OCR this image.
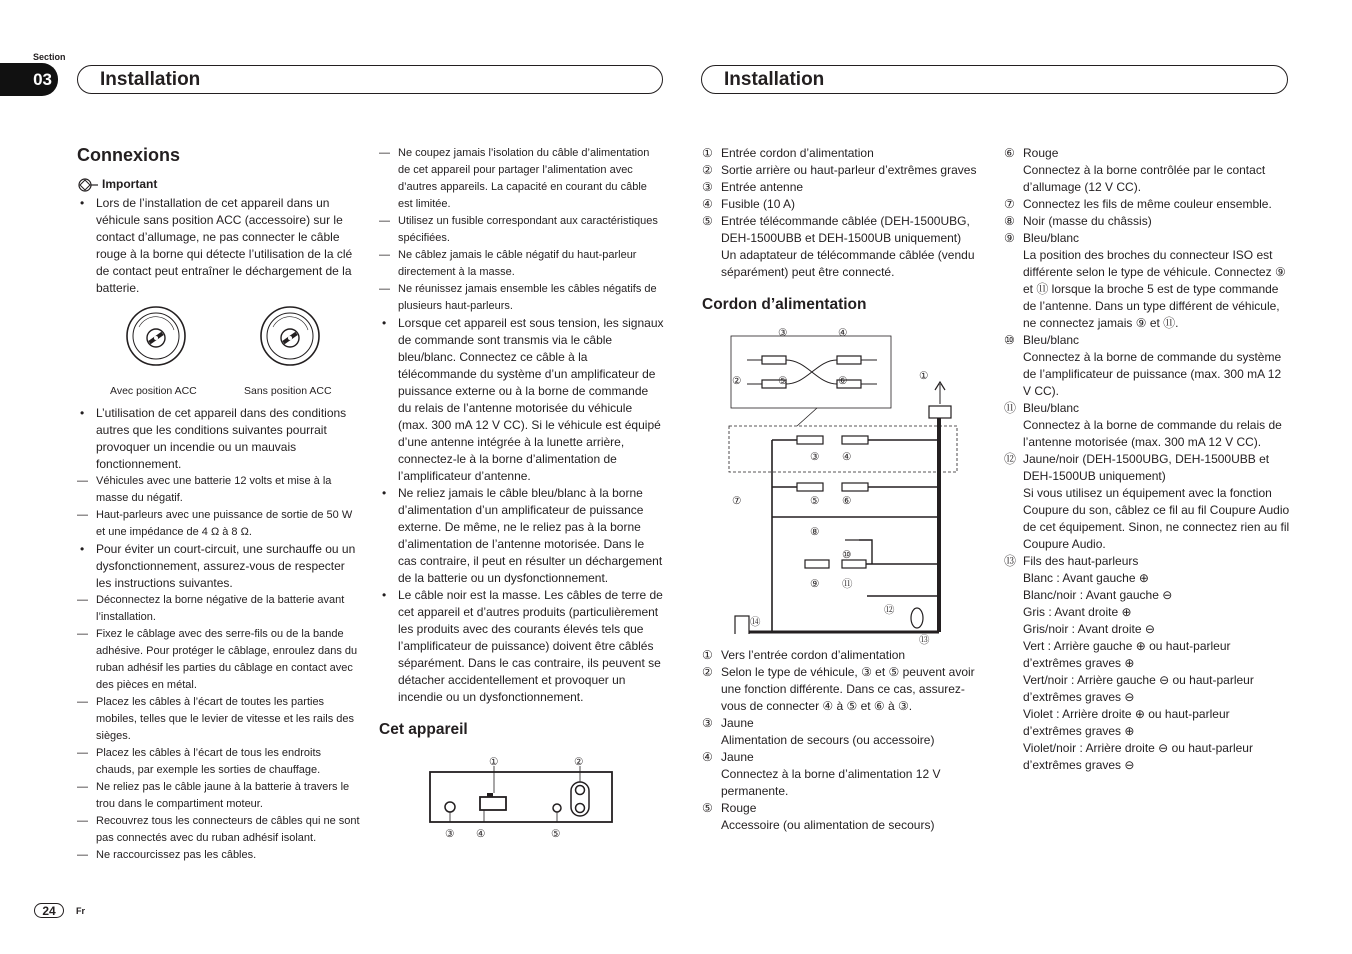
Section
03	Installation	Installation
Connexions
Important
• Lors de l’installation de cet appareil dans un véhicule sans position ACC (accessoire) sur le contact d’allumage, ne pas connecter le câble rouge à la borne qui détecte l’utilisation de la clé de contact peut entraîner le déchargement de la batterie.
Avec position ACC	Sans position ACC
• L’utilisation de cet appareil dans des conditions autres que les conditions suivantes pourrait provoquer un incendie ou un mauvais fonctionnement.
— Véhicules avec une batterie 12 volts et mise à la masse du négatif.
— Haut-parleurs avec une puissance de sortie de 50 W et une impédance de 4 Ω à 8 Ω.
• Pour éviter un court-circuit, une surchauffe ou un dysfonctionnement, assurez-vous de respecter les instructions suivantes.
— Déconnectez la borne négative de la batterie avant l’installation.
— Fixez le câblage avec des serre-fils ou de la bande adhésive. Pour protéger le câblage, enroulez dans du ruban adhésif les parties du câblage en contact avec des pièces en métal.
— Placez les câbles à l’écart de toutes les parties mobiles, telles que le levier de vitesse et les rails des sièges.
— Placez les câbles à l’écart de tous les endroits chauds, par exemple les sorties de chauffage.
— Ne reliez pas le câble jaune à la batterie à travers le trou dans le compartiment moteur.
— Recouvrez tous les connecteurs de câbles qui ne sont pas connectés avec du ruban adhésif isolant.
— Ne raccourcissez pas les câbles.
— Ne coupez jamais l’isolation du câble d’alimentation de cet appareil pour partager l’alimentation avec d’autres appareils. La capacité en courant du câble est limitée.
— Utilisez un fusible correspondant aux caractéristiques spécifiées.
— Ne câblez jamais le câble négatif du haut-parleur directement à la masse.
— Ne réunissez jamais ensemble les câbles négatifs de plusieurs haut-parleurs.
• Lorsque cet appareil est sous tension, les signaux de commande sont transmis via le câble bleu/blanc. Connectez ce câble à la télécommande du système d’un amplificateur de puissance externe ou à la borne de commande du relais de l’antenne motorisée du véhicule (max. 300 mA 12 V CC). Si le véhicule est équipé d’une antenne intégrée à la lunette arrière, connectez-le à la borne d’alimentation de l’amplificateur d’antenne.
• Ne reliez jamais le câble bleu/blanc à la borne d’alimentation d’un amplificateur de puissance externe. De même, ne le reliez pas à la borne d’alimentation de l’antenne motorisée. Dans le cas contraire, il peut en résulter un déchargement de la batterie ou un dysfonctionnement.
• Le câble noir est la masse. Les câbles de terre de cet appareil et d’autres produits (particulièrement les produits avec des courants élevés tels que l’amplificateur de puissance) doivent être câblés séparément. Dans le cas contraire, ils peuvent se détacher accidentellement et provoquer un incendie ou un dysfonctionnement.
Cet appareil
①	②
③ ④	⑤
① Entrée cordon d’alimentation
② Sortie arrière ou haut-parleur d’extrêmes graves
③ Entrée antenne
④ Fusible (10 A)
⑤ Entrée télécommande câblée (DEH-1500UBG, DEH-1500UBB et DEH-1500UB uniquement)
Un adaptateur de télécommande câblée (vendu séparément) peut être connecté.
Cordon d’alimentation
③	④
②	⑤	⑥	①
③ ④
⑦	⑤ ⑥
⑧
⑩
⑨ ⑪
⑫
⑭
⑬
① Vers l’entrée cordon d’alimentation
② Selon le type de véhicule, ③ et ⑤ peuvent avoir une fonction différente. Dans ce cas, assurez-vous de connecter ④ à ⑤ et ⑥ à ③.
③ Jaune
Alimentation de secours (ou accessoire)
④ Jaune
Connectez à la borne d’alimentation 12 V permanente.
⑤ Rouge
Accessoire (ou alimentation de secours)
⑥ Rouge
Connectez à la borne contrôlée par le contact d’allumage (12 V CC).
⑦ Connectez les fils de même couleur ensemble.
⑧ Noir (masse du châssis)
⑨ Bleu/blanc
La position des broches du connecteur ISO est différente selon le type de véhicule. Connectez ⑨ et ⑪ lorsque la broche 5 est de type commande de l’antenne. Dans un type différent de véhicule, ne connectez jamais ⑨ et ⑪.
⑩ Bleu/blanc
Connectez à la borne de commande du système de l’amplificateur de puissance (max. 300 mA 12 V CC).
⑪ Bleu/blanc
Connectez à la borne de commande du relais de l’antenne motorisée (max. 300 mA 12 V CC).
⑫ Jaune/noir (DEH-1500UBG, DEH-1500UBB et DEH-1500UB uniquement)
Si vous utilisez un équipement avec la fonction Coupure du son, câblez ce fil au fil Coupure Audio de cet équipement. Sinon, ne connectez rien au fil Coupure Audio.
⑬ Fils des haut-parleurs
Blanc : Avant gauche ⊕
Blanc/noir : Avant gauche ⊖
Gris : Avant droite ⊕
Gris/noir : Avant droite ⊖
Vert : Arrière gauche ⊕ ou haut-parleur d’extrêmes graves ⊕
Vert/noir : Arrière gauche ⊖ ou haut-parleur d’extrêmes graves ⊖
Violet : Arrière droite ⊕ ou haut-parleur d’extrêmes graves ⊕
Violet/noir : Arrière droite ⊖ ou haut-parleur d’extrêmes graves ⊖
24	Fr
